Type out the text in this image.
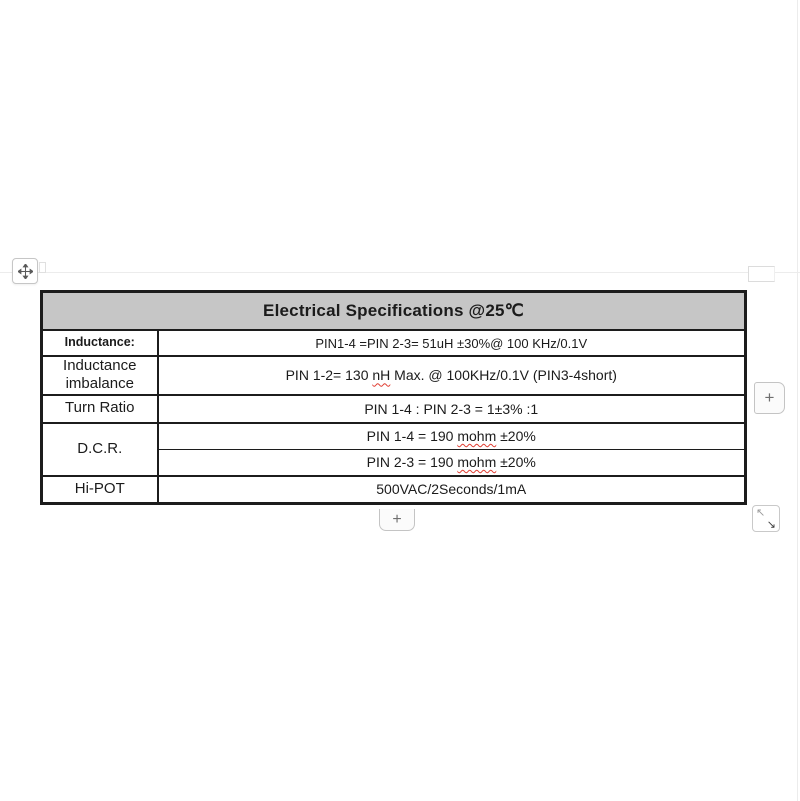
Electrical Specifications @25℃	
Inductance:	PIN1-4 =PIN 2-3= 51uH ±30%@ 100 KHz/0.1V
Inductance imbalance	PIN 1-2= 130 nH Max. @ 100KHz/0.1V (PIN3-4short)
Turn Ratio	PIN 1-4 : PIN 2-3 = 1±3% :1
D.C.R.	PIN 1-4 = 190 mohm ±20%
	PIN 2-3 = 190 mohm ±20%
Hi-POT	500VAC/2Seconds/1mA
+
+	↖
↘
